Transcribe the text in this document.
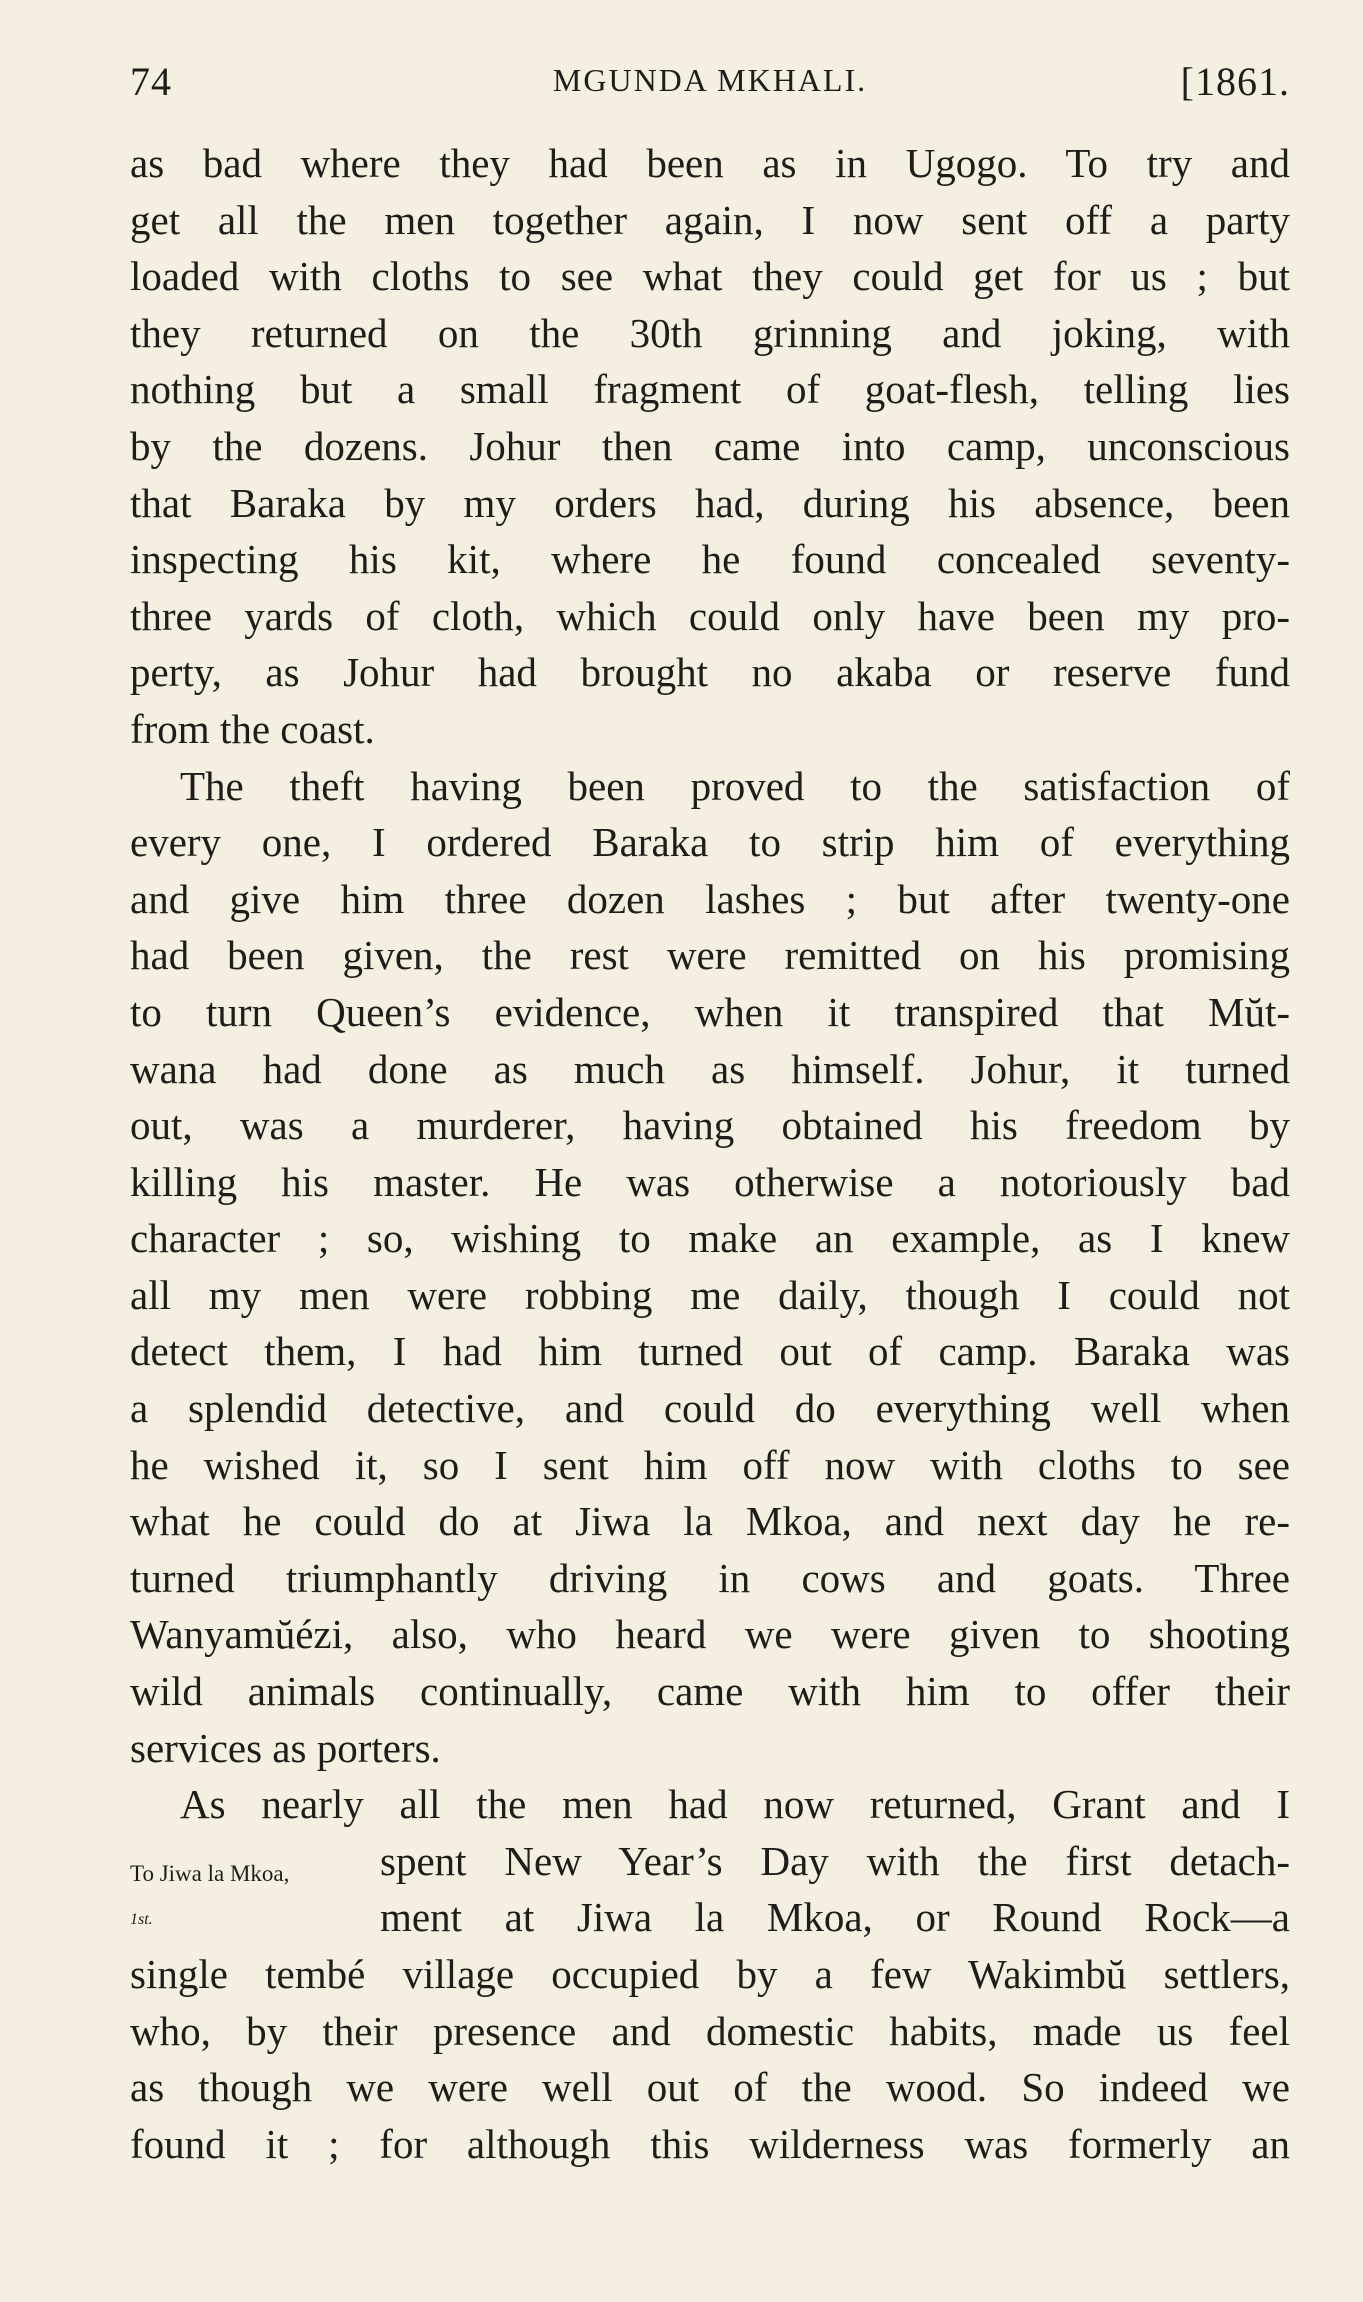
74	MGUNDA MKHALI.	[1861.
as bad where they had been as in Ugogo. To try and
get all the men together again, I now sent off a party
loaded with cloths to see what they could get for us ; but
they returned on the 30th grinning and joking, with
nothing but a small fragment of goat-flesh, telling lies
by the dozens. Johur then came into camp, unconscious
that Baraka by my orders had, during his absence, been
inspecting his kit, where he found concealed seventy-
three yards of cloth, which could only have been my pro-
perty, as Johur had brought no akaba or reserve fund
from the coast.
The theft having been proved to the satisfaction of
every one, I ordered Baraka to strip him of everything
and give him three dozen lashes ; but after twenty-one
had been given, the rest were remitted on his promising
to turn Queen’s evidence, when it transpired that Mŭt-
wana had done as much as himself. Johur, it turned
out, was a murderer, having obtained his freedom by
killing his master. He was otherwise a notoriously bad
character ; so, wishing to make an example, as I knew
all my men were robbing me daily, though I could not
detect them, I had him turned out of camp. Baraka was
a splendid detective, and could do everything well when
he wished it, so I sent him off now with cloths to see
what he could do at Jiwa la Mkoa, and next day he re-
turned triumphantly driving in cows and goats. Three
Wanyamŭézi, also, who heard we were given to shooting
wild animals continually, came with him to offer their
services as porters.
As nearly all the men had now returned, Grant and I
spent New Year’s Day with the first detach-
ment at Jiwa la Mkoa, or Round Rock—a
single tembé village occupied by a few Wakimbŭ settlers,
who, by their presence and domestic habits, made us feel
as though we were well out of the wood. So indeed we
found it ; for although this wilderness was formerly an
To Jiwa la Mkoa,
$^{1st.}$
